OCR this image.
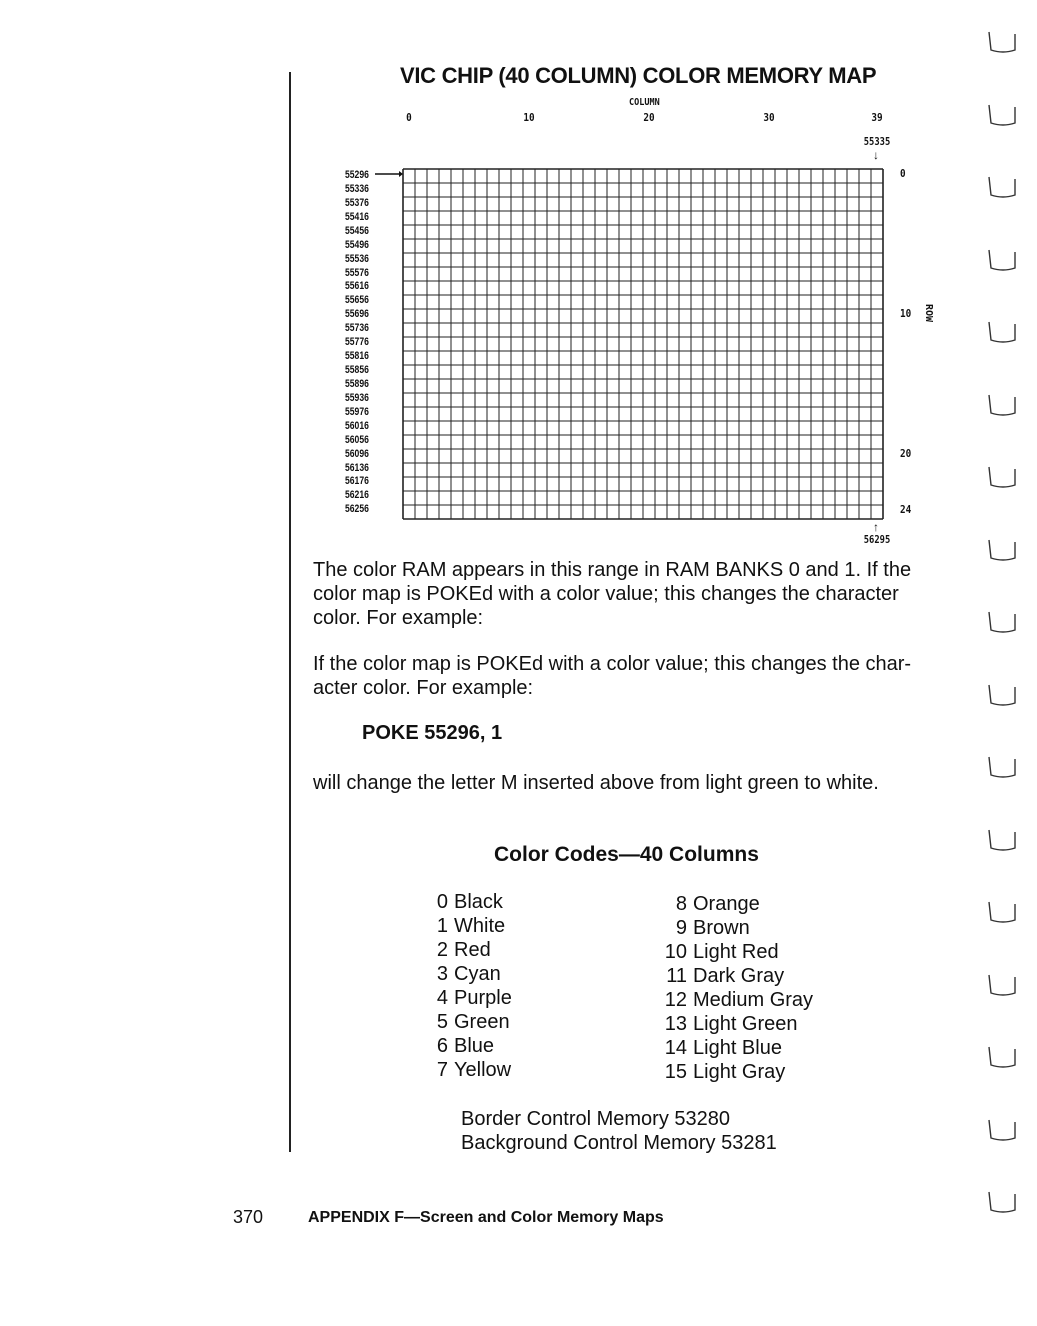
VIC CHIP (40 COLUMN) COLOR MEMORY MAP
55296
55336
55376
55416
55456
55496
55536
55576
55616
55656
55696
55736
55776
55816
55856
55896
55936
55976
56016
56056
56096
56136
56176
56216
56256
The color RAM appears in this range in RAM BANKS 0 and 1. If the
color map is POKEd with a color value; this changes the character
color. For example:
If the color map is POKEd with a color value; this changes the char-
acter color. For example:
POKE 55296, 1
will change the letter M inserted above from light green to white.
Color Codes—40 Columns
0 Black
1 White
2 Red
3 Cyan
4 Purple
5 Green
6 Blue
7 Yellow
8 Orange
9 Brown
10 Light Red
11 Dark Gray
12 Medium Gray
13 Light Green
14 Light Blue
15 Light Gray
Border Control Memory 53280
Background Control Memory 53281
370	APPENDIX F—Screen and Color Memory Maps
COLUMN
0	10	20	30	39
55335
↓
↑
56295
0
10
20
24
ROW
